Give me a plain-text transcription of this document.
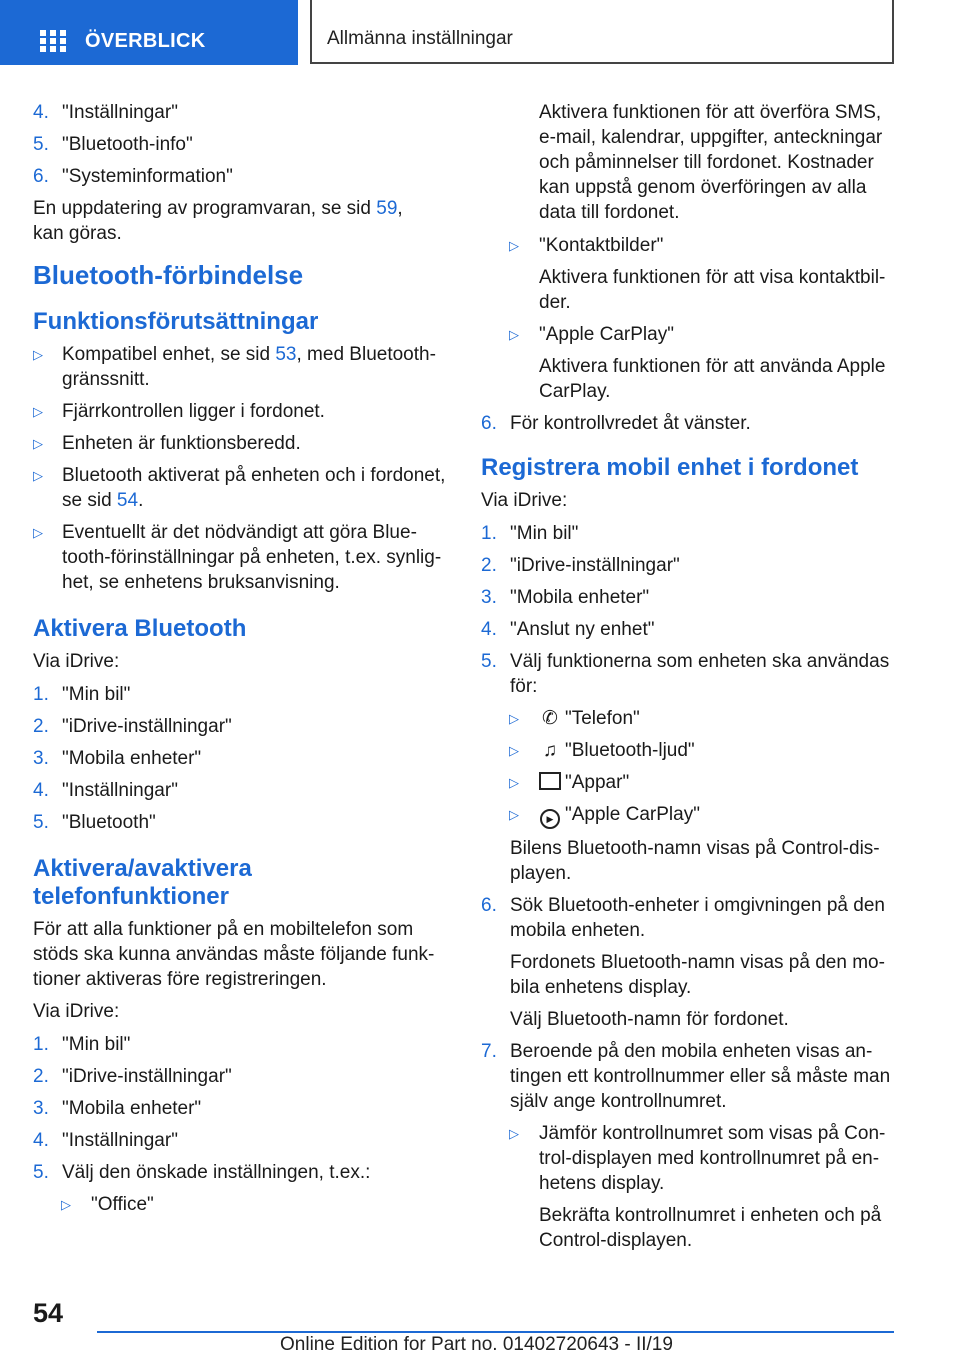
ÖVERBLICK	Allmänna inställningar
4. "Inställningar"
5. "Bluetooth-info"
6. "Systeminformation"
En uppdatering av programvaran, se sid 59,
kan göras.
Bluetooth-förbindelse
Funktionsförutsättningar
▷ Kompatibel enhet, se sid 53, med Bluetooth-gränssnitt.
▷ Fjärrkontrollen ligger i fordonet.
▷ Enheten är funktionsberedd.
▷ Bluetooth aktiverat på enheten och i fordonet, se sid 54.
▷ Eventuellt är det nödvändigt att göra Blue-tooth-förinställningar på enheten, t.ex. synlig-het, se enhetens bruksanvisning.
Aktivera Bluetooth
Via iDrive:
1. "Min bil"
2. "iDrive-inställningar"
3. "Mobila enheter"
4. "Inställningar"
5. "Bluetooth"
Aktivera/avaktivera telefonfunktioner
För att alla funktioner på en mobiltelefon som stöds ska kunna användas måste följande funk-tioner aktiveras före registreringen.
Via iDrive:
1. "Min bil"
2. "iDrive-inställningar"
3. "Mobila enheter"
4. "Inställningar"
5. Välj den önskade inställningen, t.ex.:
▷ "Office"
Aktivera funktionen för att överföra SMS, e-mail, kalendrar, uppgifter, anteckningar och påminnelser till fordonet. Kostnader kan uppstå genom överföringen av alla data till fordonet.
▷ "Kontaktbilder"
Aktivera funktionen för att visa kontaktbil-der.
▷ "Apple CarPlay"
Aktivera funktionen för att använda Apple CarPlay.
6. För kontrollvredet åt vänster.
Registrera mobil enhet i fordonet
Via iDrive:
1. "Min bil"
2. "iDrive-inställningar"
3. "Mobila enheter"
4. "Anslut ny enhet"
5. Välj funktionerna som enheten ska användas för:
▷ ✆ "Telefon"
▷ ♫ "Bluetooth-ljud"
▷ "Appar"
▷	▶ "Apple CarPlay"
Bilens Bluetooth-namn visas på Control-dis-playen.
6. Sök Bluetooth-enheter i omgivningen på den mobila enheten.
Fordonets Bluetooth-namn visas på den mo-bila enhetens display.
Välj Bluetooth-namn för fordonet.
7. Beroende på den mobila enheten visas an-tingen ett kontrollnummer eller så måste man själv ange kontrollnumret.
▷ Jämför kontrollnumret som visas på Con-trol-displayen med kontrollnumret på en-hetens display.
Bekräfta kontrollnumret i enheten och på Control-displayen.
54
Online Edition for Part no. 01402720643 - II/19
